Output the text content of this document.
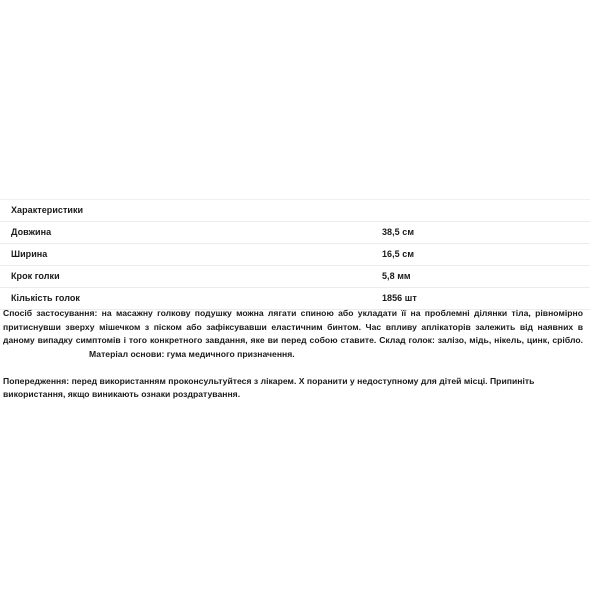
Характеристики
Довжина	38,5 см
Ширина	16,5 см
Крок голки	5,8 мм
Кількість голок	1856 шт

Спосіб застосування: на масажну голкову подушку можна лягати спиною або укладати її на проблемні ділянки тіла, рівномірно притиснувши зверху мішечком з піском або зафіксувавши еластичним бинтом. Час впливу аплікаторів залежить від наявних в даному випадку симптомів і того конкретного завдання, яке ви перед собою ставите. Склад голок: залізо, мідь, нікель, цинк, срібло.Матеріал основи: гума медичного призначення.

Попередження: перед використанням проконсультуйтеся з лікарем. Х поранити у недоступному для дітей місці. Припиніть використання, якщо виникають ознаки роздратування.
